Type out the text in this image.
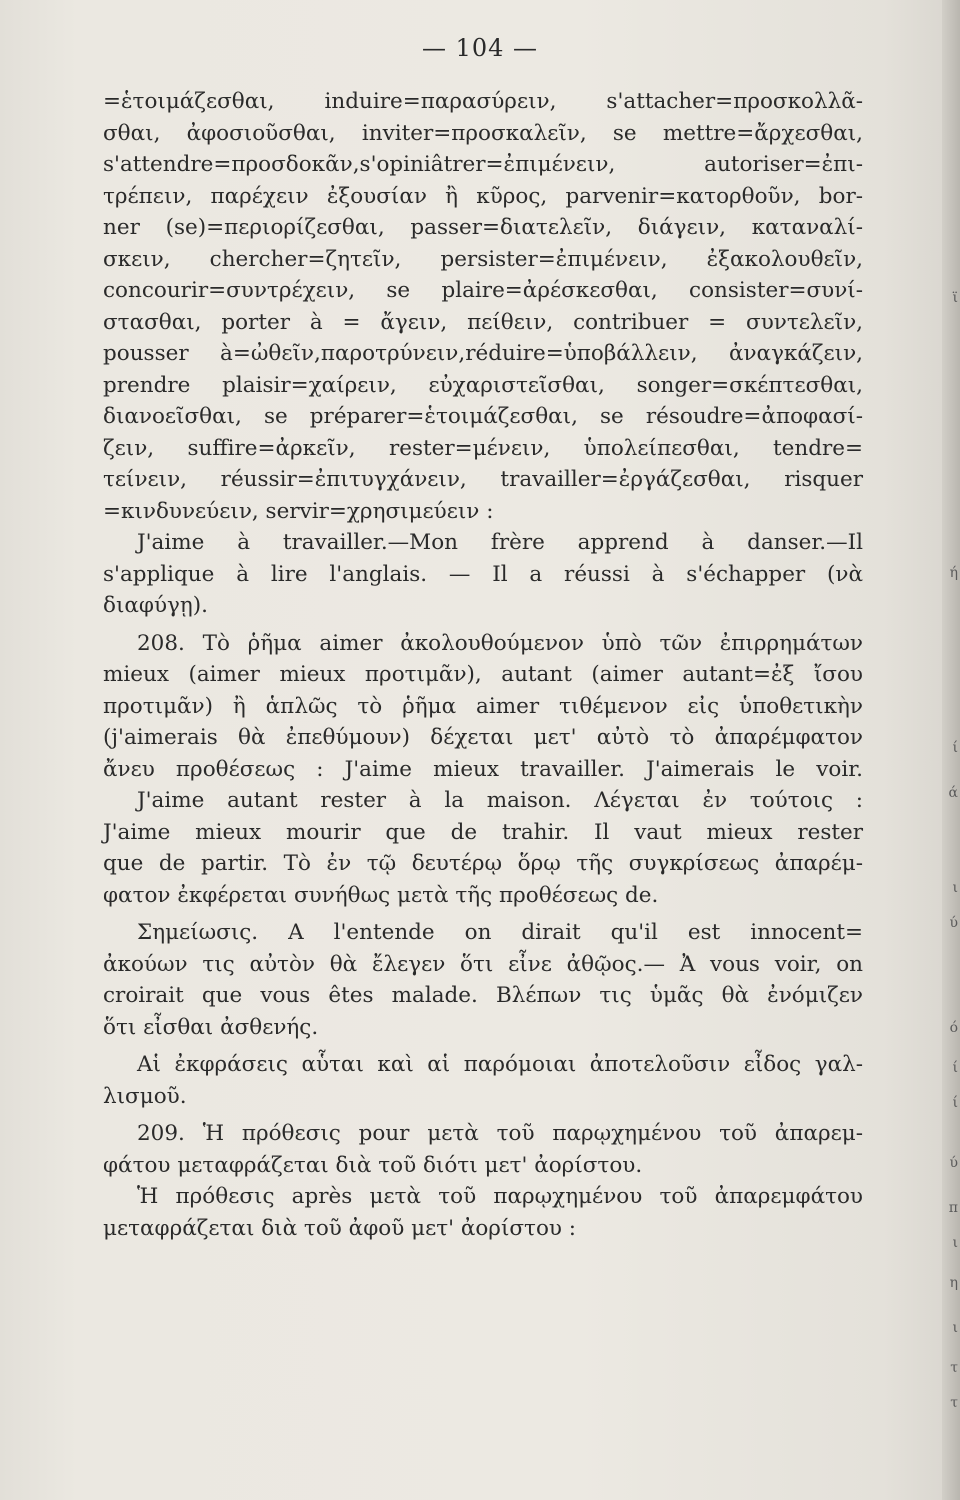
ϊ
ή
ί
ά
ι
ύ
ό
ί
ί
ύ
π
ι
η
ι
τ
τ
— 104 —
=ἑτοιμάζεσθαι, induire=παρασύρειν, s'attacher=προσκολλᾶ-
σθαι, ἀφοσιοῦσθαι, inviter=προσκαλεῖν, se mettre=ἄρχεσθαι,
s'attendre=προσδοκᾶν,s'opiniâtrer=ἐπιμένειν, autoriser=ἐπι-
τρέπειν, παρέχειν ἐξουσίαν ἢ κῦρος, parvenir=κατορθοῦν, bor-
ner (se)=περιορίζεσθαι, passer=διατελεῖν, διάγειν, καταναλί-
σκειν, chercher=ζητεῖν, persister=ἐπιμένειν, ἐξακολουθεῖν,
concourir=συντρέχειν, se plaire=ἀρέσκεσθαι, consister=συνί-
στασθαι, porter à = ἄγειν, πείθειν, contribuer = συντελεῖν,
pousser à=ὠθεῖν,παροτρύνειν,réduire=ὑποβάλλειν, ἀναγκάζειν,
prendre plaisir=χαίρειν, εὐχαριστεῖσθαι, songer=σκέπτεσθαι,
διανοεῖσθαι, se préparer=ἑτοιμάζεσθαι, se résoudre=ἀποφασί-
ζειν, suffire=ἀρκεῖν, rester=μένειν, ὑπολείπεσθαι, tendre=
τείνειν, réussir=ἐπιτυγχάνειν, travailler=ἐργάζεσθαι, risquer
=κινδυνεύειν, servir=χρησιμεύειν :
J'aime à travailler.—Mon frère apprend à danser.—Il
s'applique à lire l'anglais. — Il a réussi à s'échapper (νὰ
διαφύγῃ).
208. Τὸ ῥῆμα aimer ἀκολουθούμενον ὑπὸ τῶν ἐπιρρημάτων
mieux (aimer mieux προτιμᾶν), autant (aimer autant=ἐξ ἴσου
προτιμᾶν) ἢ ἁπλῶς τὸ ῥῆμα aimer τιθέμενον εἰς ὑποθετικὴν
(j'aimerais θὰ ἐπεθύμουν) δέχεται μετ' αὐτὸ τὸ ἀπαρέμφατον
ἄνευ προθέσεως : J'aime mieux travailler. J'aimerais le voir.
J'aime autant rester à la maison. Λέγεται ἐν τούτοις :
J'aime mieux mourir que de trahir. Il vaut mieux rester
que de partir. Τὸ ἐν τῷ δευτέρῳ ὅρῳ τῆς συγκρίσεως ἀπαρέμ-
φατον ἐκφέρεται συνήθως μετὰ τῆς προθέσεως de.
Σημείωσις. A l'entende on dirait qu'il est innocent=
ἀκούων τις αὐτὸν θὰ ἔλεγεν ὅτι εἶνε ἀθῷος.— Ἀ vous voir, on
croirait que vous êtes malade. Βλέπων τις ὑμᾶς θὰ ἐνόμιζεν
ὅτι εἶσθαι ἀσθενής.
Αἱ ἐκφράσεις αὗται καὶ αἱ παρόμοιαι ἀποτελοῦσιν εἶδος γαλ-
λισμοῦ.
209. Ἡ πρόθεσις pour μετὰ τοῦ παρῳχημένου τοῦ ἀπαρεμ-
φάτου μεταφράζεται διὰ τοῦ διότι μετ' ἀορίστου.
Ἡ πρόθεσις après μετὰ τοῦ παρῳχημένου τοῦ ἀπαρεμφάτου
μεταφράζεται διὰ τοῦ ἀφοῦ μετ' ἀορίστου :
